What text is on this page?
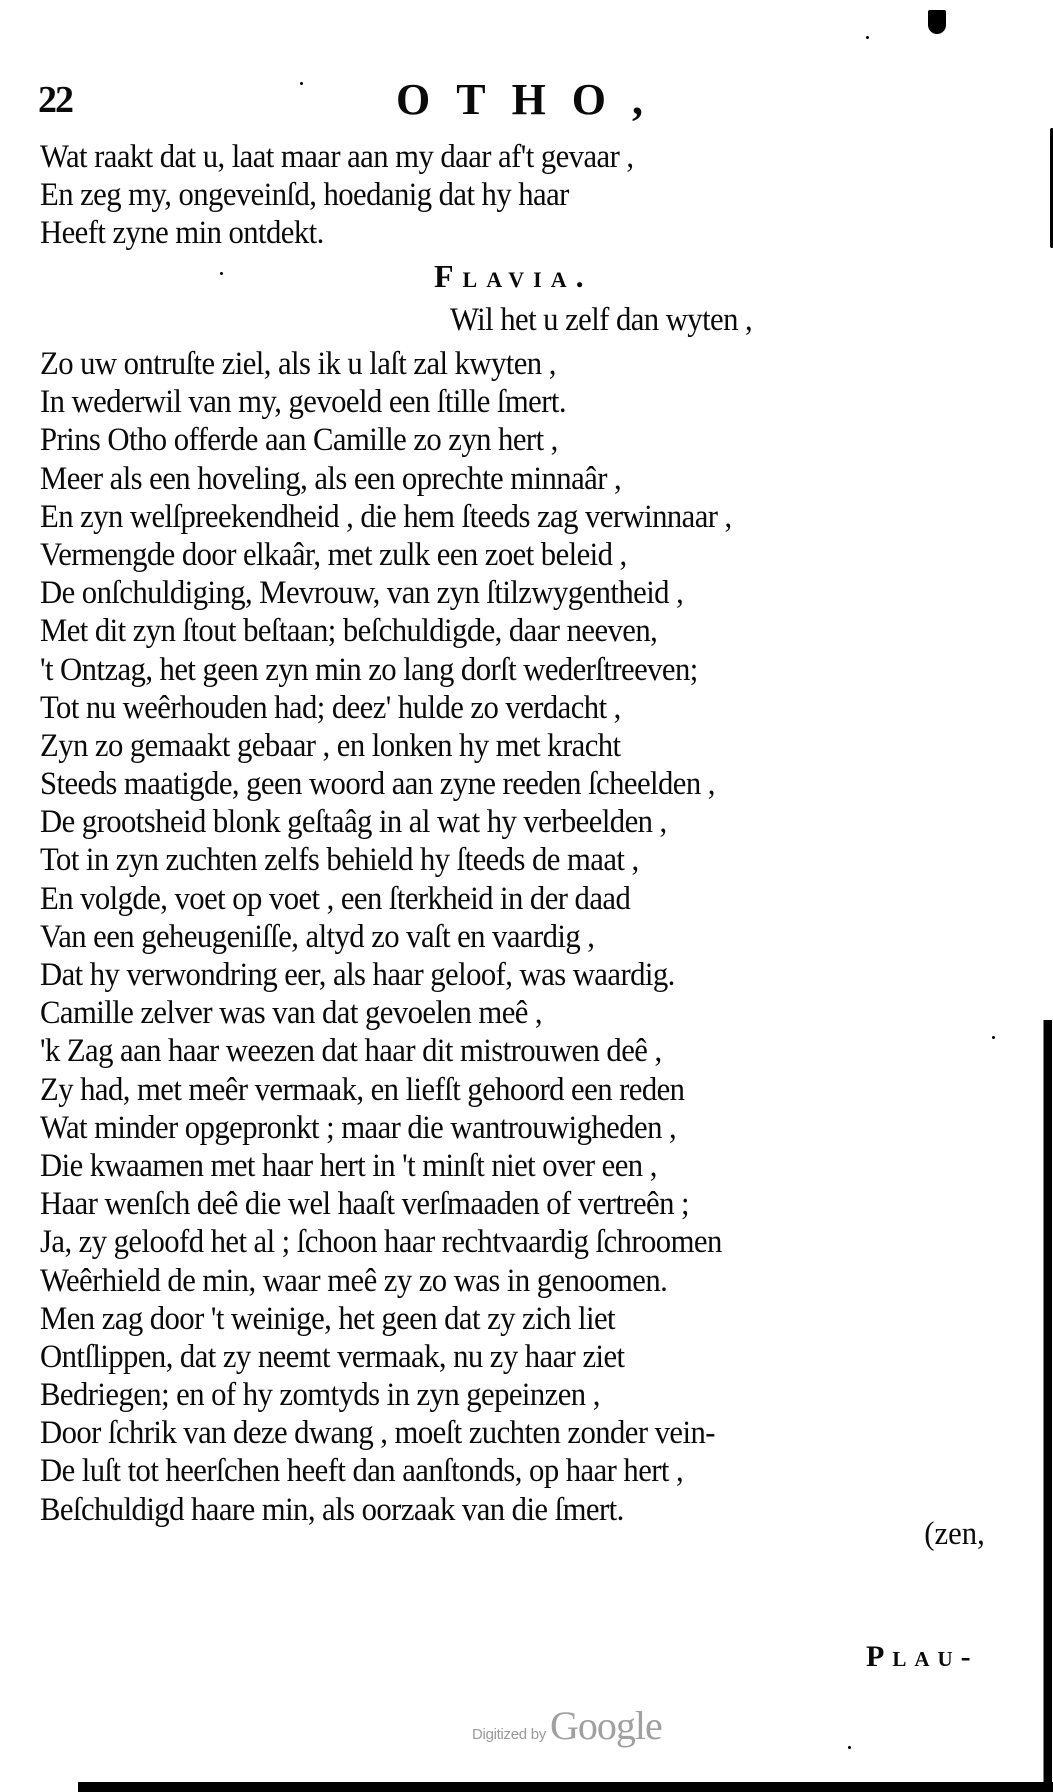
22	OTHO,
Wat raakt dat u, laat maar aan my daar af't gevaar ,
En zeg my, ongeveinſd, hoedanig dat hy haar
Heeft zyne min ontdekt.
Flavia.
Wil het u zelf dan wyten ,
Zo uw ontruſte ziel, als ik u laſt zal kwyten ,
In wederwil van my, gevoeld een ſtille ſmert.
Prins Otho offerde aan Camille zo zyn hert ,
Meer als een hoveling, als een oprechte minnaâr ,
En zyn welſpreekendheid , die hem ſteeds zag verwinnaar ,
Vermengde door elkaâr, met zulk een zoet beleid ,
De onſchuldiging, Mevrouw, van zyn ſtilzwygentheid ,
Met dit zyn ſtout beſtaan; beſchuldigde, daar neeven,
't Ontzag, het geen zyn min zo lang dorſt wederſtreeven;
Tot nu weêrhouden had; deez' hulde zo verdacht ,
Zyn zo gemaakt gebaar , en lonken hy met kracht
Steeds maatigde, geen woord aan zyne reeden ſcheelden ,
De grootsheid blonk geſtaâg in al wat hy verbeelden ,
Tot in zyn zuchten zelfs behield hy ſteeds de maat ,
En volgde, voet op voet , een ſterkheid in der daad
Van een geheugeniſſe, altyd zo vaſt en vaardig ,
Dat hy verwondring eer, als haar geloof, was waardig.
Camille zelver was van dat gevoelen meê ,
'k Zag aan haar weezen dat haar dit mistrouwen deê ,
Zy had, met meêr vermaak, en liefſt gehoord een reden
Wat minder opgepronkt ; maar die wantrouwigheden ,
Die kwaamen met haar hert in 't minſt niet over een ,
Haar wenſch deê die wel haaſt verſmaaden of vertreên ;
Ja, zy geloofd het al ; ſchoon haar rechtvaardig ſchroomen
Weêrhield de min, waar meê zy zo was in genoomen.
Men zag door 't weinige, het geen dat zy zich liet
Ontſlippen, dat zy neemt vermaak, nu zy haar ziet
Bedriegen; en of hy zomtyds in zyn gepeinzen ,
Door ſchrik van deze dwang , moeſt zuchten zonder vein-
De luſt tot heerſchen heeft dan aanſtonds, op haar hert ,
Beſchuldigd haare min, als oorzaak van die ſmert.
(zen,
Plau-
Digitized by Google
